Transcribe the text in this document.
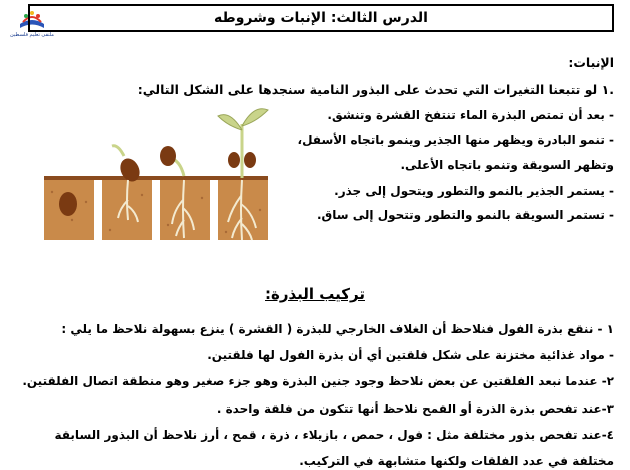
ملتقى تعليم فلسطين
الدرس الثالث: الإنبات وشروطه
الإنبات:
.١ لو تتبعنا التغيرات التي تحدث على البذور النامية سنجدها على الشكل التالي:
- بعد أن تمتص البذرة الماء تنتفخ القشرة وتنشق.
- تنمو البادرة ويظهر منها الجذير وينمو باتجاه الأسفل،
وتظهر السويقة وتنمو باتجاه الأعلى.
- يستمر الجذير بالنمو والتطور ويتحول إلى جذر.
- تستمر السويقة بالنمو والتطور وتتحول إلى ساق.
تركيب البذرة:
١ - ننقع بذرة الفول فنلاحظ أن الغلاف الخارجي للبذرة ( القشرة ) ينزع بسهولة نلاحظ ما يلي :
- مواد غذائية مختزنة على شكل فلقتين أي أن بذرة الفول لها فلقتين.
٢- عندما نبعد الفلقتين عن بعض نلاحظ وجود جنين البذرة وهو جزء صغير وهو منطقة اتصال الفلقتين.
٣-عند تفحص بذرة الذرة أو القمح نلاحظ أنها تتكون من فلقة واحدة .
٤-عند تفحص بذور مختلفة مثل : فول ، حمص ، بازيلاء ، ذرة ، قمح ، أرز نلاحظ أن البذور السابقة
مختلفة في عدد الفلقات ولكنها متشابهة في التركيب.
